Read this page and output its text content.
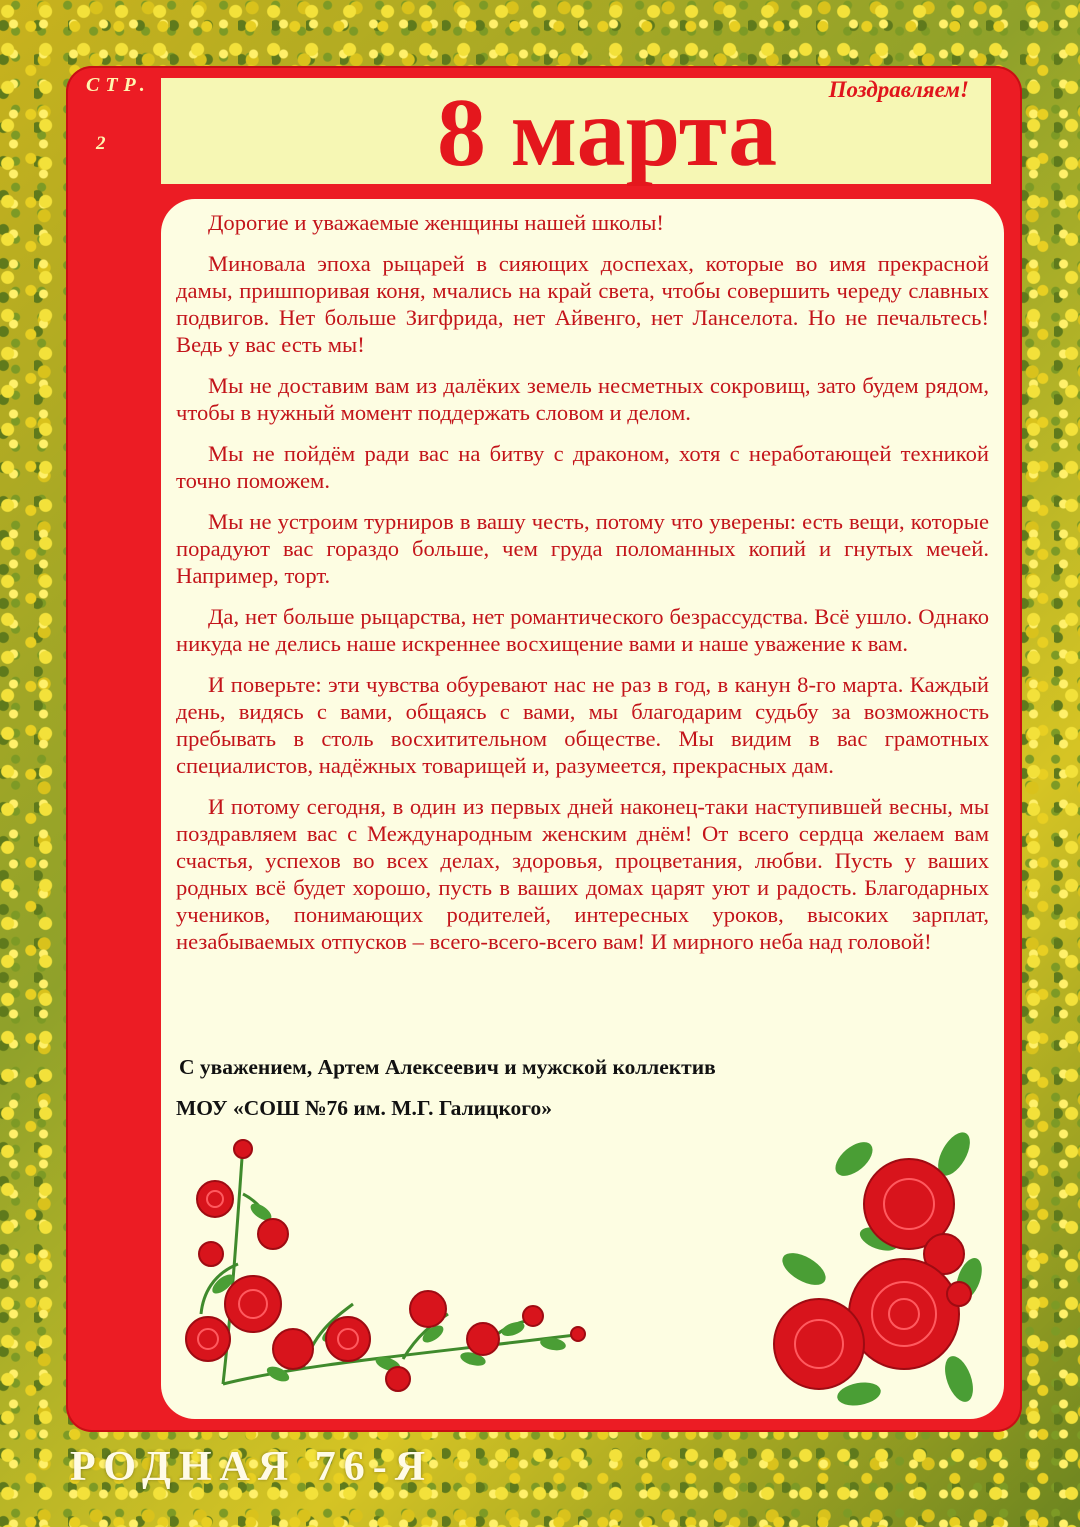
СТР.
2
Поздравляем!
8 марта

Дорогие и уважаемые женщины нашей школы!

Миновала эпоха рыцарей в сияющих доспехах, которые во имя прекрасной дамы, пришпоривая коня, мчались на край света, чтобы совершить череду славных подвигов. Нет больше Зигфрида, нет Айвенго, нет Ланселота. Но не печальтесь! Ведь у вас есть мы!

Мы не доставим вам из далёких земель несметных сокровищ, зато будем рядом, чтобы в нужный момент поддержать словом и делом.

Мы не пойдём ради вас на битву с драконом, хотя с неработающей техникой точно поможем.

Мы не устроим турниров в вашу честь, потому что уверены: есть вещи, которые порадуют вас гораздо больше, чем груда поломанных копий и гнутых мечей. Например, торт.

Да, нет больше рыцарства, нет романтического безрассудства. Всё ушло. Однако никуда не делись наше искреннее восхищение вами и наше уважение к вам.

И поверьте: эти чувства обуревают нас не раз в год, в канун 8-го марта. Каждый день, видясь с вами, общаясь с вами, мы благодарим судьбу за возможность пребывать в столь восхитительном обществе. Мы видим в вас грамотных специалистов, надёжных товарищей и, разумеется, прекрасных дам.

И потому сегодня, в один из первых дней наконец-таки наступившей весны, мы поздравляем вас с Международным женским днём! От всего сердца желаем вам счастья, успехов во всех делах, здоровья, процветания, любви. Пусть у ваших родных всё будет хорошо, пусть в ваших домах царят уют и радость. Благодарных учеников, понимающих родителей, интересных уроков, высоких зарплат, незабываемых отпусков – всего-всего-всего вам! И мирного неба над головой!

С уважением, Артем Алексеевич и мужской коллектив
МОУ «СОШ №76 им. М.Г. Галицкого»
РОДНАЯ 76-Я
